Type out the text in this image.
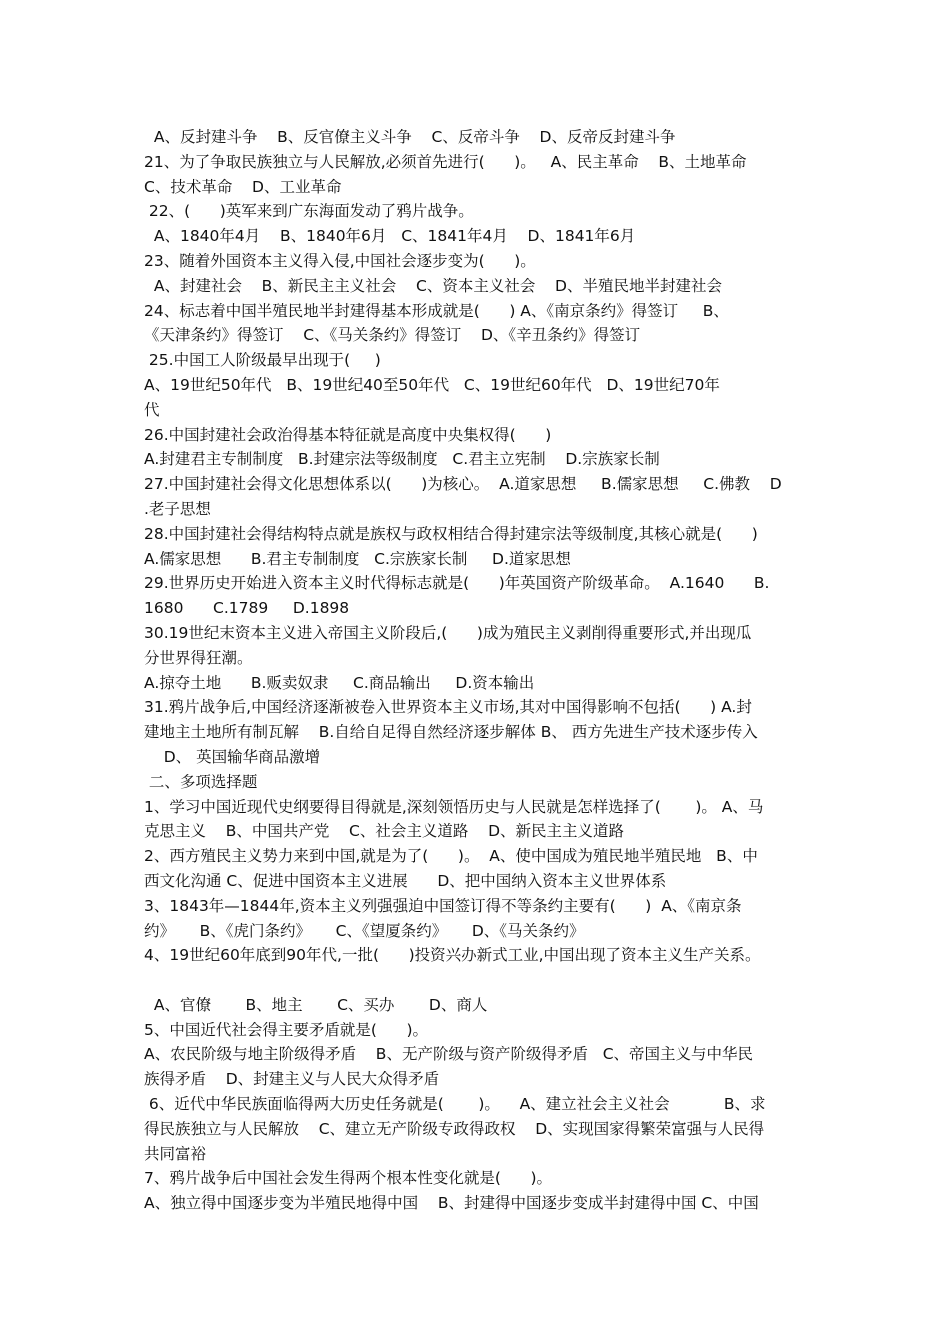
A、反封建斗争    B、反官僚主义斗争    C、反帝斗争    D、反帝反封建斗争
21、为了争取民族独立与人民解放,必须首先进行(      )。   A、民主革命    B、土地革命
C、技术革命    D、工业革命
22、(      )英军来到广东海面发动了鸦片战争。
A、1840年4月    B、1840年6月   C、1841年4月    D、1841年6月
23、随着外国资本主义得入侵,中国社会逐步变为(      )。
A、封建社会    B、新民主主义社会    C、资本主义社会    D、半殖民地半封建社会
24、标志着中国半殖民地半封建得基本形成就是(      ) A、《南京条约》得签订     B、
《天津条约》得签订    C、《马关条约》得签订    D、《辛丑条约》得签订
25.中国工人阶级最早出现于(     )
A、19世纪50年代   B、19世纪40至50年代   C、19世纪60年代   D、19世纪70年
代
26.中国封建社会政治得基本特征就是高度中央集权得(      )
A.封建君主专制制度   B.封建宗法等级制度   C.君主立宪制    D.宗族家长制
27.中国封建社会得文化思想体系以(      )为核心。  A.道家思想     B.儒家思想     C.佛教    D
.老子思想
28.中国封建社会得结构特点就是族权与政权相结合得封建宗法等级制度,其核心就是(      )
A.儒家思想      B.君主专制制度   C.宗族家长制     D.道家思想
29.世界历史开始进入资本主义时代得标志就是(      )年英国资产阶级革命。  A.1640      B.
1680      C.1789     D.1898
30.19世纪末资本主义进入帝国主义阶段后,(      )成为殖民主义剥削得重要形式,并出现瓜
分世界得狂潮。
A.掠夺土地      B.贩卖奴隶     C.商品输出     D.资本输出
31.鸦片战争后,中国经济逐渐被卷入世界资本主义市场,其对中国得影响不包括(      ) A.封
建地主土地所有制瓦解    B.自给自足得自然经济逐步解体 B、 西方先进生产技术逐步传入
D、 英国输华商品激增
二、多项选择题
1、学习中国近现代史纲要得目得就是,深刻领悟历史与人民就是怎样选择了(       )。 A、马
克思主义    B、中国共产党    C、社会主义道路    D、新民主主义道路
2、西方殖民主义势力来到中国,就是为了(      )。  A、使中国成为殖民地半殖民地   B、中
西文化沟通 C、促进中国资本主义进展      D、把中国纳入资本主义世界体系
3、1843年—1844年,资本主义列强强迫中国签订得不等条约主要有(      )  A、《南京条
约》     B、《虎门条约》     C、《望厦条约》     D、《马关条约》
4、19世纪60年底到90年代,一批(      )投资兴办新式工业,中国出现了资本主义生产关系。
A、官僚       B、地主       C、买办       D、商人
5、中国近代社会得主要矛盾就是(      )。
A、农民阶级与地主阶级得矛盾    B、无产阶级与资产阶级得矛盾   C、帝国主义与中华民
族得矛盾    D、封建主义与人民大众得矛盾
6、近代中华民族面临得两大历史任务就是(       )。    A、建立社会主义社会           B、求
得民族独立与人民解放    C、建立无产阶级专政得政权    D、实现国家得繁荣富强与人民得
共同富裕
7、鸦片战争后中国社会发生得两个根本性变化就是(      )。
A、独立得中国逐步变为半殖民地得中国    B、封建得中国逐步变成半封建得中国 C、中国
